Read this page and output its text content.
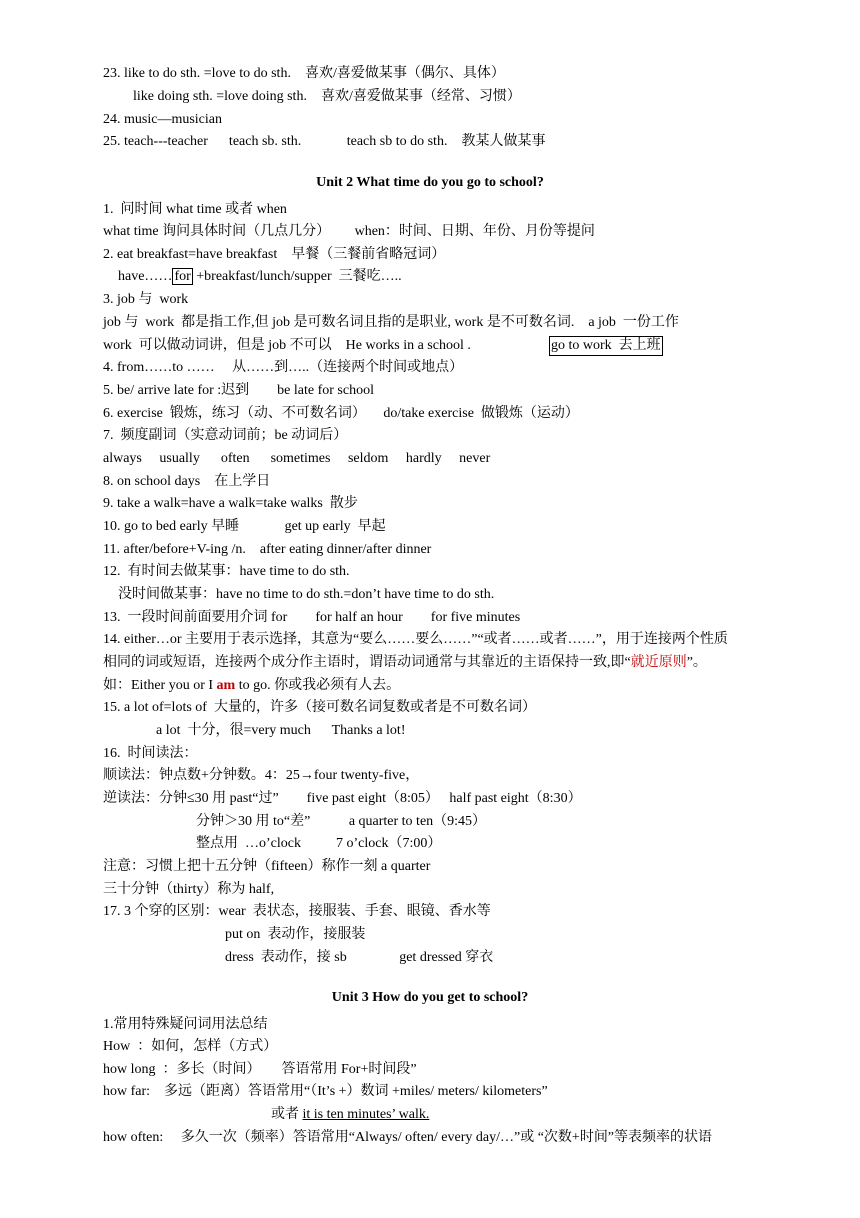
23. like to do sth. =love to do sth.    喜欢/喜爱做某事（偶尔、具体）
like doing sth. =love doing sth.    喜欢/喜爱做某事（经常、习惯）
24. music—musician
25. teach---teacher      teach sb. sth.             teach sb to do sth.    教某人做某事
Unit 2 What time do you go to school?
1.  问时间 what time 或者 when
what time 询问具体时间（几点几分）       when：时间、日期、年份、月份等提问
2. eat breakfast=have breakfast    早餐（三餐前省略冠词）
have…… for +breakfast/lunch/supper  三餐吃…..
3. job 与  work
job 与  work  都是指工作,但 job 是可数名词且指的是职业, work 是不可数名词.    a job  一份工作
work  可以做动词讲，但是 job 不可以    He works in a school .	go to work  去上班
4. from……to ……     从……到…..（连接两个时间或地点）
5. be/ arrive late for :迟到        be late for school
6. exercise  锻炼，练习（动、不可数名词）     do/take exercise  做锻炼（运动）
7.  频度副词（实意动词前；be 动词后）
always     usually      often      sometimes     seldom     hardly     never
8. on school days    在上学日
9. take a walk=have a walk=take walks  散步
10. go to bed early 早睡             get up early  早起
11. after/before+V-ing /n.    after eating dinner/after dinner
12.  有时间去做某事：have time to do sth.
没时间做某事：have no time to do sth.=don’t have time to do sth.
13.  一段时间前面要用介词 for        for half an hour        for five minutes
14. either…or 主要用于表示选择，其意为“要么……要么……”“或者……或者……”，用于连接两个性质
相同的词或短语，连接两个成分作主语时，谓语动词通常与其靠近的主语保持一致,即“就近原则”。
如：Either you or I am to go. 你或我必须有人去。
15. a lot of=lots of  大量的，许多（接可数名词复数或者是不可数名词）
a lot  十分，很=very much      Thanks a lot!
16.  时间读法：
顺读法：钟点数+分钟数。4：25→four twenty-five，
逆读法：分钟≤30 用 past“过”        five past eight（8:05）   half past eight（8:30）
分钟＞30 用 to“差”           a quarter to ten（9:45）
整点用  …o’clock          7 o’clock（7:00）
注意：习惯上把十五分钟（fifteen）称作一刻 a quarter
三十分钟（thirty）称为 half,
17. 3 个穿的区别：wear  表状态，接服装、手套、眼镜、香水等
put on  表动作，接服装
dress  表动作，接 sb               get dressed 穿衣
Unit 3 How do you get to school?
1.常用特殊疑问词用法总结
How  ：如何，怎样（方式）
how long  ：多长（时间）      答语常用 For+时间段”
how far:    多远（距离）答语常用“（It’s +）数词 +miles/ meters/ kilometers”
或者 it is ten minutes’ walk.
how often:     多久一次（频率）答语常用“Always/ often/ every day/…”或 “次数+时间”等表频率的状语
